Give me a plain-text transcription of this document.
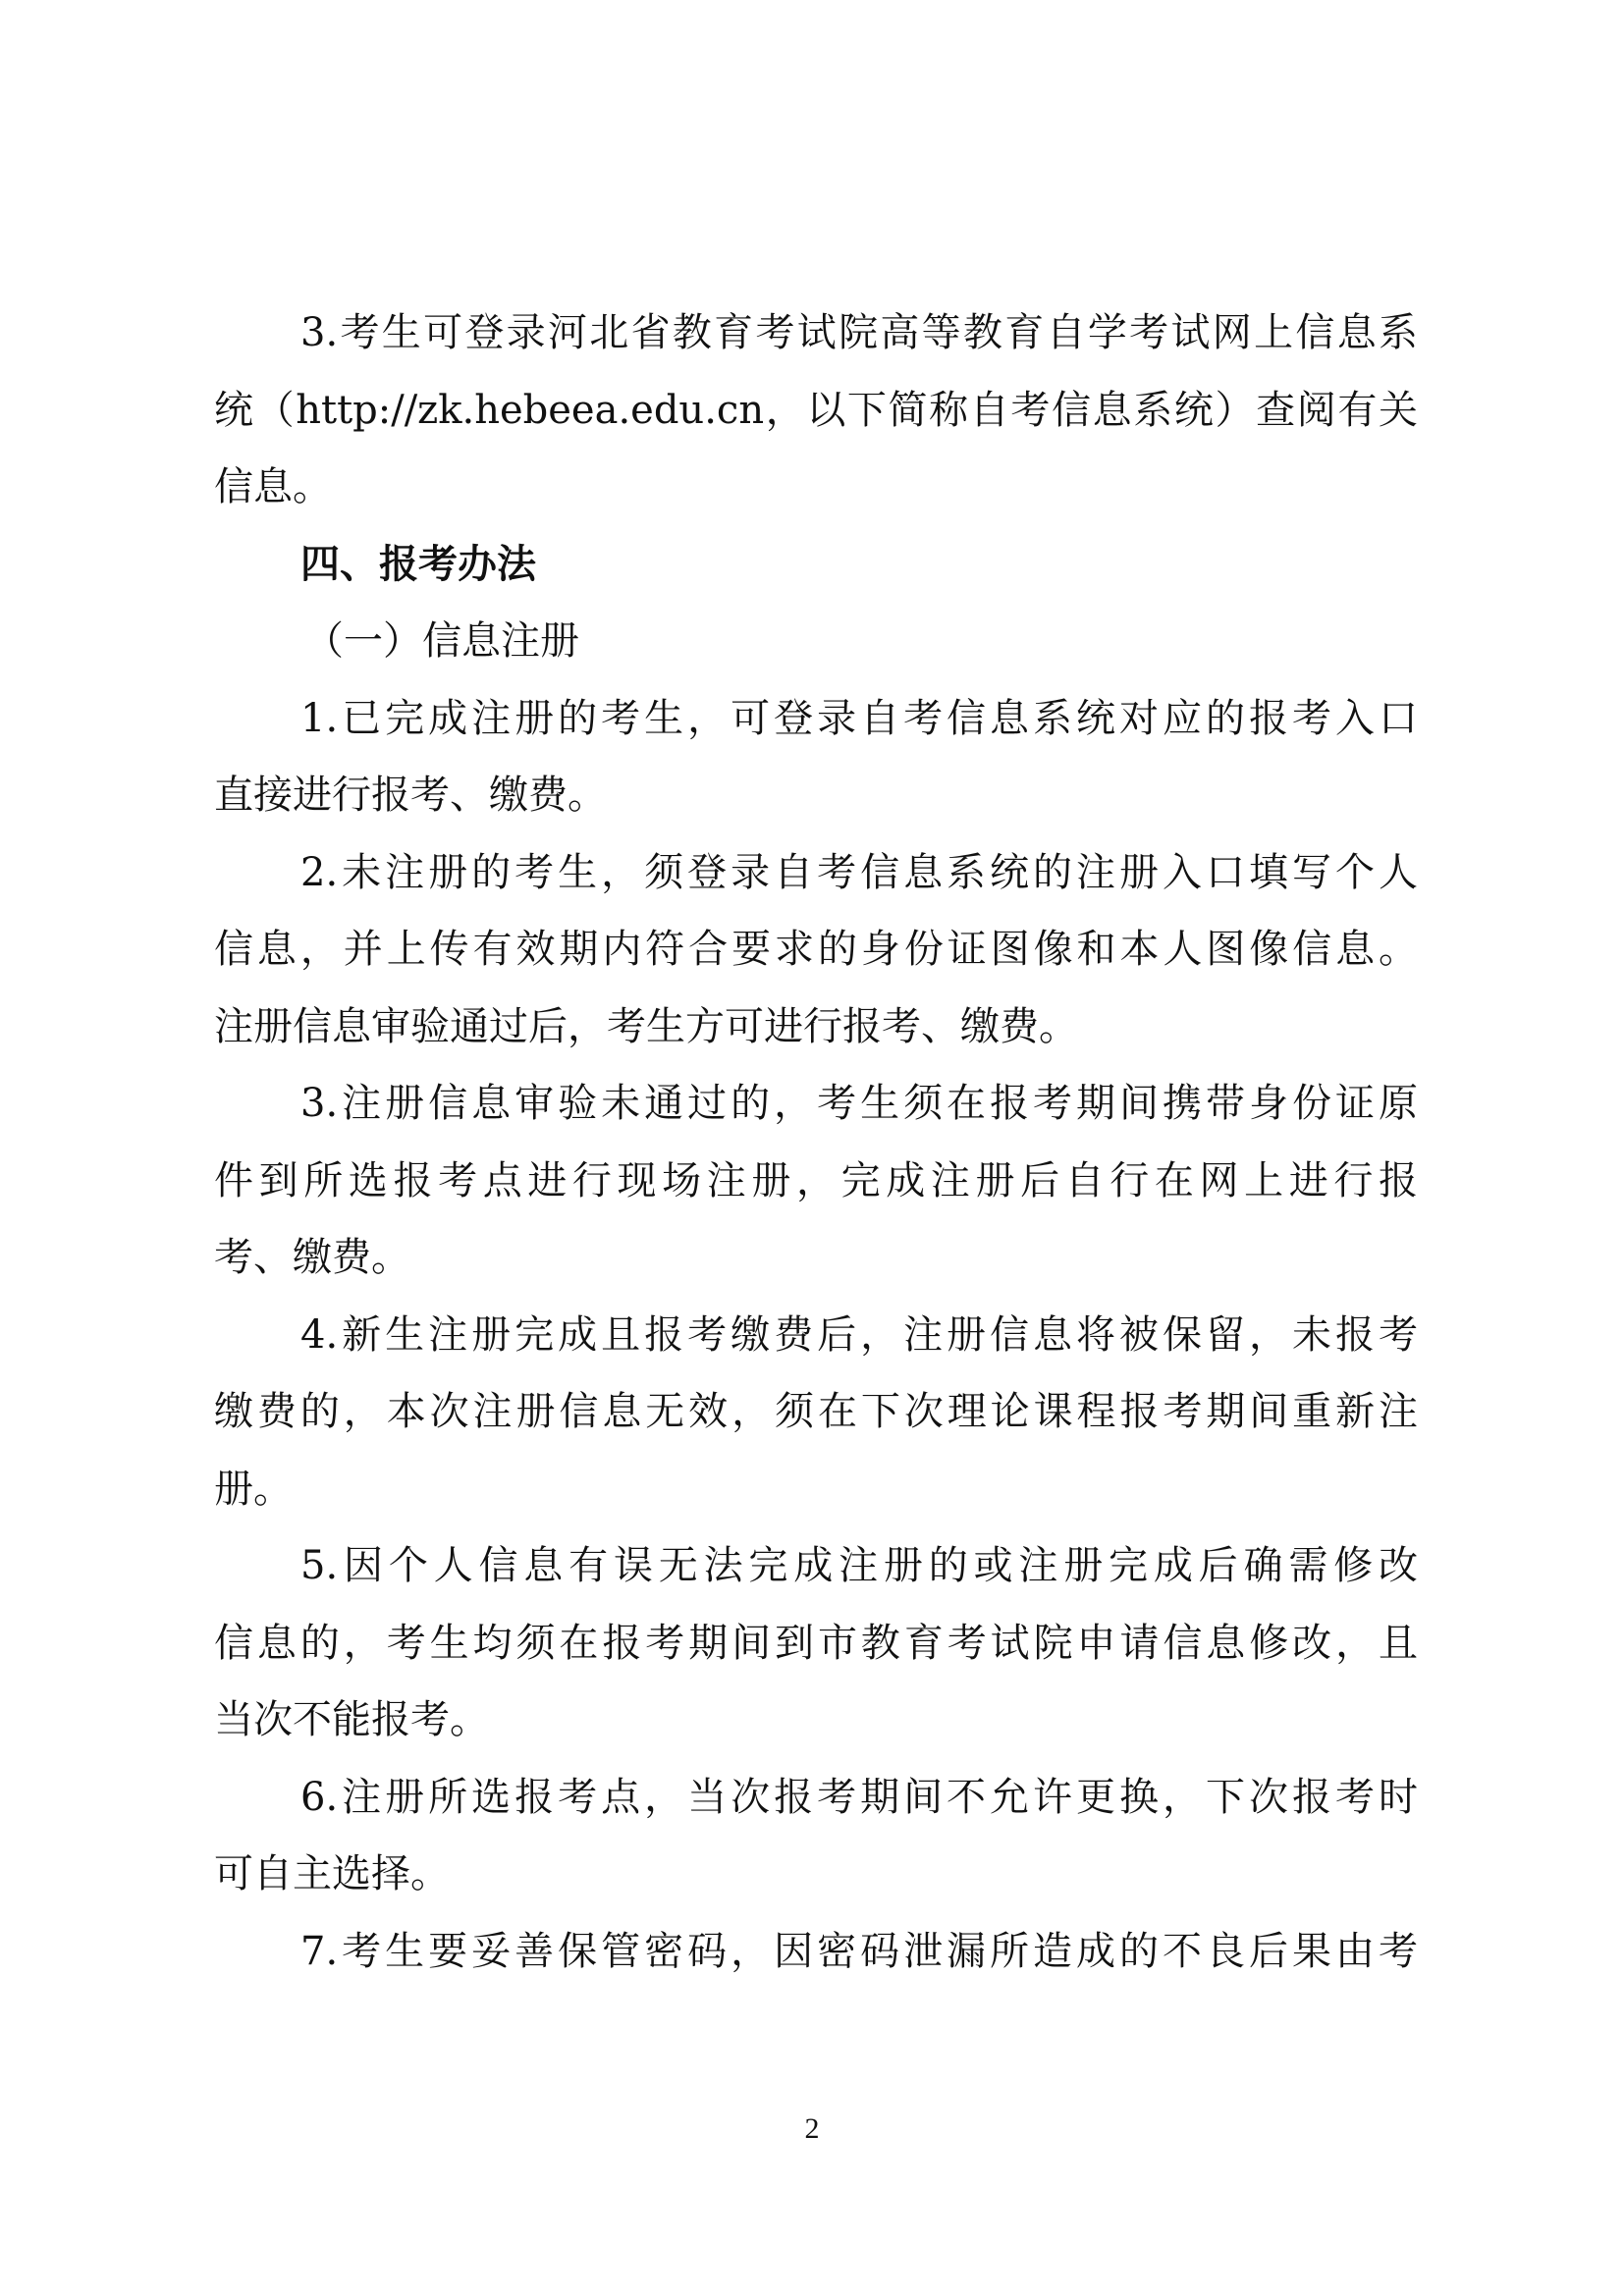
3.考生可登录河北省教育考试院高等教育自学考试网上信息系
统（http://zk.hebeea.edu.cn，以下简称自考信息系统）查阅有关
信息。
四、报考办法
（一）信息注册
1.已完成注册的考生，可登录自考信息系统对应的报考入口
直接进行报考、缴费。
2.未注册的考生，须登录自考信息系统的注册入口填写个人
信息，并上传有效期内符合要求的身份证图像和本人图像信息。
注册信息审验通过后，考生方可进行报考、缴费。
3.注册信息审验未通过的，考生须在报考期间携带身份证原
件到所选报考点进行现场注册，完成注册后自行在网上进行报
考、缴费。
4.新生注册完成且报考缴费后，注册信息将被保留，未报考
缴费的，本次注册信息无效，须在下次理论课程报考期间重新注
册。
5.因个人信息有误无法完成注册的或注册完成后确需修改
信息的，考生均须在报考期间到市教育考试院申请信息修改，且
当次不能报考。
6.注册所选报考点，当次报考期间不允许更换，下次报考时
可自主选择。
7.考生要妥善保管密码，因密码泄漏所造成的不良后果由考
2
